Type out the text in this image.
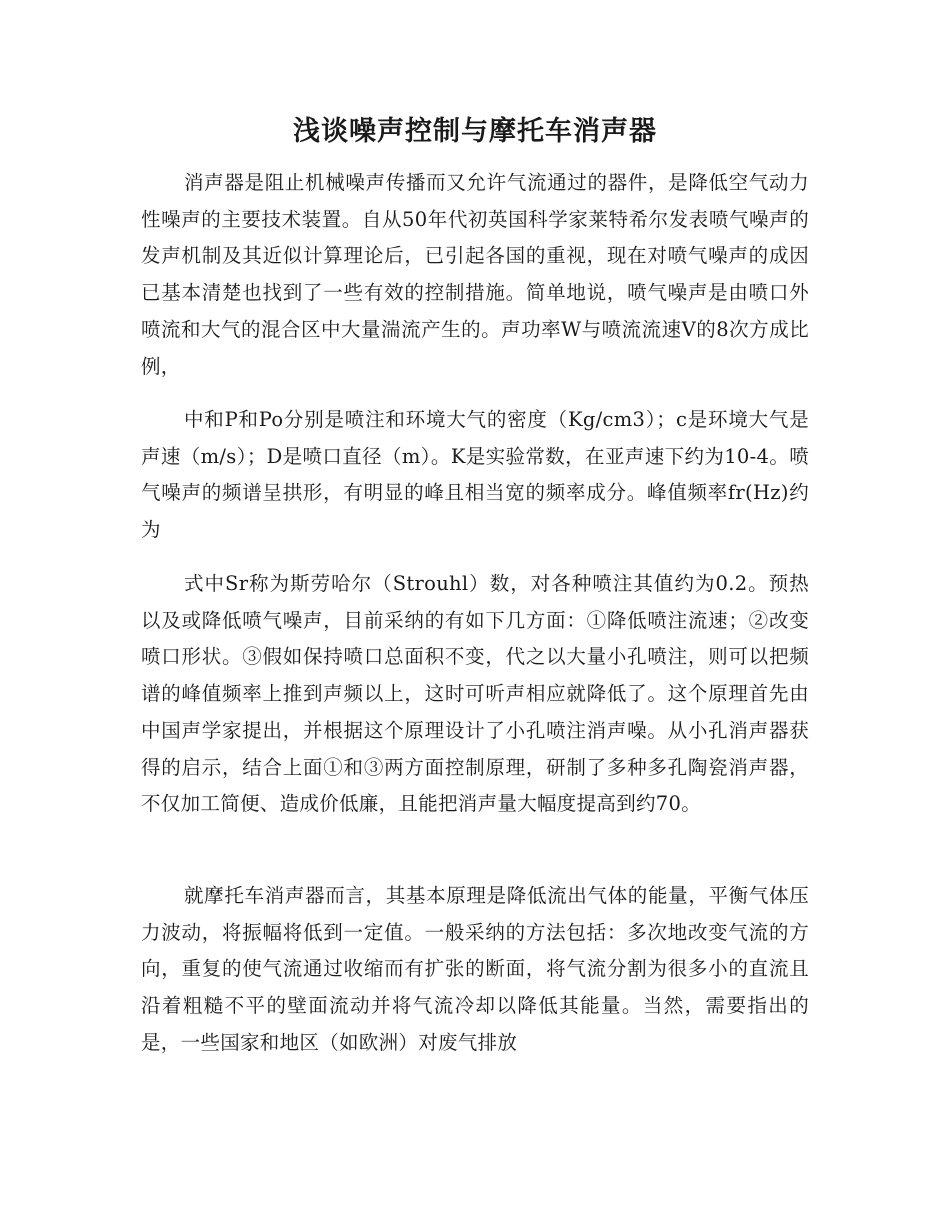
浅谈噪声控制与摩托车消声器

消声器是阻止机械噪声传播而又允许气流通过的器件，是降低空气动力性噪声的主要技术装置。自从50年代初英国科学家莱特希尔发表喷气噪声的发声机制及其近似计算理论后，已引起各国的重视，现在对喷气噪声的成因已基本清楚也找到了一些有效的控制措施。简单地说，喷气噪声是由喷口外喷流和大气的混合区中大量湍流产生的。声功率W与喷流流速V的8次方成比例，

中和P和Po分别是喷注和环境大气的密度（Kg/cm3）；c是环境大气是声速（m/s）；D是喷口直径（m）。K是实验常数，在亚声速下约为10-4。喷气噪声的频谱呈拱形，有明显的峰且相当宽的频率成分。峰值频率fr(Hz)约为

式中Sr称为斯劳哈尔（Strouhl）数，对各种喷注其值约为0.2。预热以及或降低喷气噪声，目前采纳的有如下几方面：①降低喷注流速；②改变喷口形状。③假如保持喷口总面积不变，代之以大量小孔喷注，则可以把频谱的峰值频率上推到声频以上，这时可听声相应就降低了。这个原理首先由中国声学家提出，并根据这个原理设计了小孔喷注消声噪。从小孔消声器获得的启示，结合上面①和③两方面控制原理，研制了多种多孔陶瓷消声器，不仅加工简便、造成价低廉，且能把消声量大幅度提高到约70。

就摩托车消声器而言，其基本原理是降低流出气体的能量，平衡气体压力波动，将振幅将低到一定值。一般采纳的方法包括：多次地改变气流的方向，重复的使气流通过收缩而有扩张的断面，将气流分割为很多小的直流且沿着粗糙不平的壁面流动并将气流冷却以降低其能量。当然，需要指出的是，一些国家和地区（如欧洲）对废气排放
